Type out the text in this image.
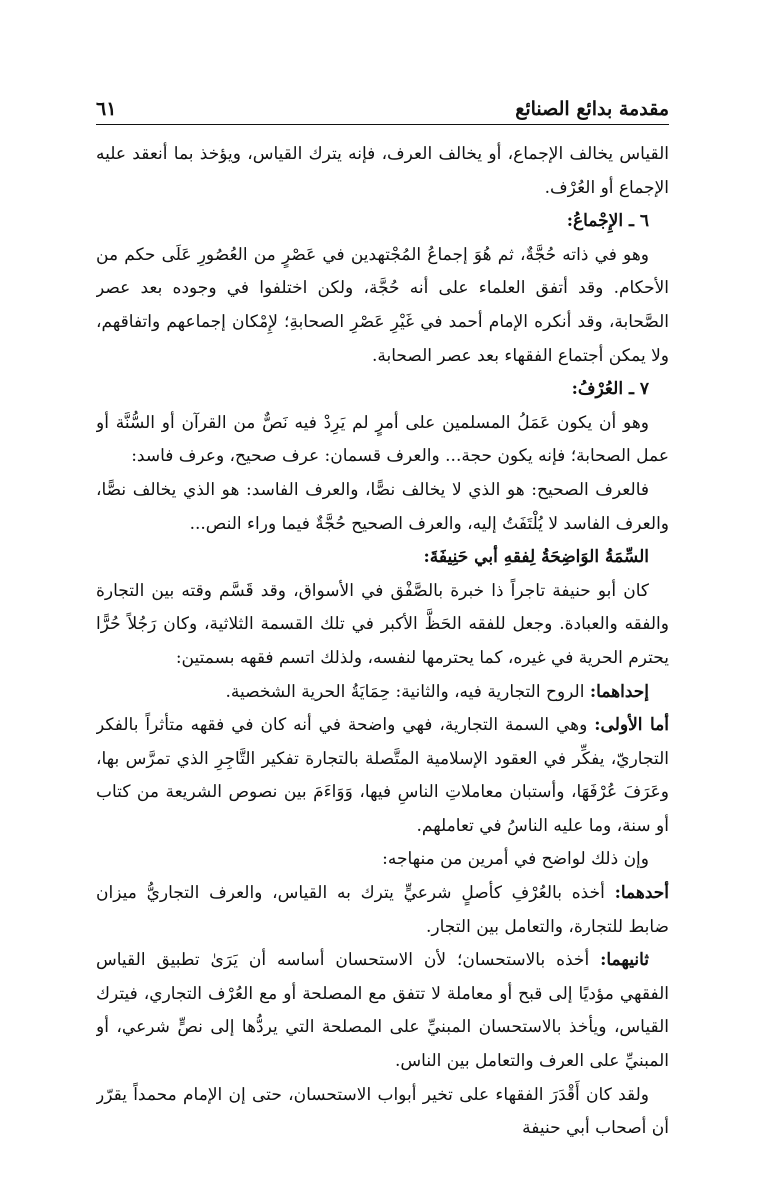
مقدمة بدائع الصنائع
٦١

القياس يخالف الإجماع، أو يخالف العرف، فإنه يترك القياس، ويؤخذ بما أنعقد عليه الإجماع أو العُرْف.

٦ ـ الإِجْماعُ:

وهو في ذاته حُجَّةٌ، ثم هُوَ إجماعُ المُجْتهدين في عَصْرٍ من العُصُورِ عَلَى حكم من الأحكام. وقد أتفق العلماء على أنه حُجَّة، ولكن اختلفوا في وجوده بعد عصر الصَّحابة، وقد أنكره الإمام أحمد في غَيْرِ عَصْرِ الصحابةِ؛ لإِمْكان إجماعهم واتفاقهم، ولا يمكن أجتماع الفقهاء بعد عصر الصحابة.

٧ ـ العُرْفُ:

وهو أن يكون عَمَلُ المسلمين على أمرٍ لم يَرِدْ فيه نَصٌّ من القرآن أو السُّنَّة أو عمل الصحابة؛ فإنه يكون حجة... والعرف قسمان: عرف صحيح، وعرف فاسد:

فالعرف الصحيح: هو الذي لا يخالف نصًّا، والعرف الفاسد: هو الذي يخالف نصًّا، والعرف الفاسد لا يُلْتَفَتُ إليه، والعرف الصحيح حُجَّةٌ فيما وراء النص...

السِّمَةُ الوَاضِحَةُ لِفقهِ أبي حَنِيفَةَ:

كان أبو حنيفة تاجراً ذا خبرة بالصَّفْق في الأسواق، وقد قَسَّم وقته بين التجارة والفقه والعبادة. وجعل للفقه الحَظَّ الأكبر في تلك القسمة الثلاثية، وكان رَجُلاً حُرًّا يحترم الحرية في غيره، كما يحترمها لنفسه، ولذلك اتسم فقهه بسمتين:

إحداهما: الروح التجارية فيه، والثانية: حِمَايَةُ الحرية الشخصية.

أما الأولى: وهي السمة التجارية، فهي واضحة في أنه كان في فقهه متأثراً بالفكر التجاريّ، يفكِّر في العقود الإسلامية المتَّصلة بالتجارة تفكير التَّاجِرِ الذي تمرَّس بها، وعَرَفَ عُرْفَهَا، وأستبان معاملاتِ الناسِ فيها، وَوَاءَمَ بين نصوص الشريعة من كتاب أو سنة، وما عليه الناسُ في تعاملهم.

وإن ذلك لواضح في أمرين من منهاجه:

أحدهما: أخذه بالعُرْفِ كأصلٍ شرعيٍّ يترك به القياس، والعرف التجاريُّ ميزان ضابط للتجارة، والتعامل بين التجار.

ثانيهما: أخذه بالاستحسان؛ لأن الاستحسان أساسه أن يَرَىٰ تطبيق القياس الفقهي مؤديًا إلى قبح أو معاملة لا تتفق مع المصلحة أو مع العُرْف التجاري، فيترك القياس، ويأخذ بالاستحسان المبنيِّ على المصلحة التي يردُّها إلى نصٍّ شرعي، أو المبنيِّ على العرف والتعامل بين الناس.

ولقد كان أَقْدَرَ الفقهاء على تخير أبواب الاستحسان، حتى إن الإمام محمداً يقرّر أن أصحاب أبي حنيفة
